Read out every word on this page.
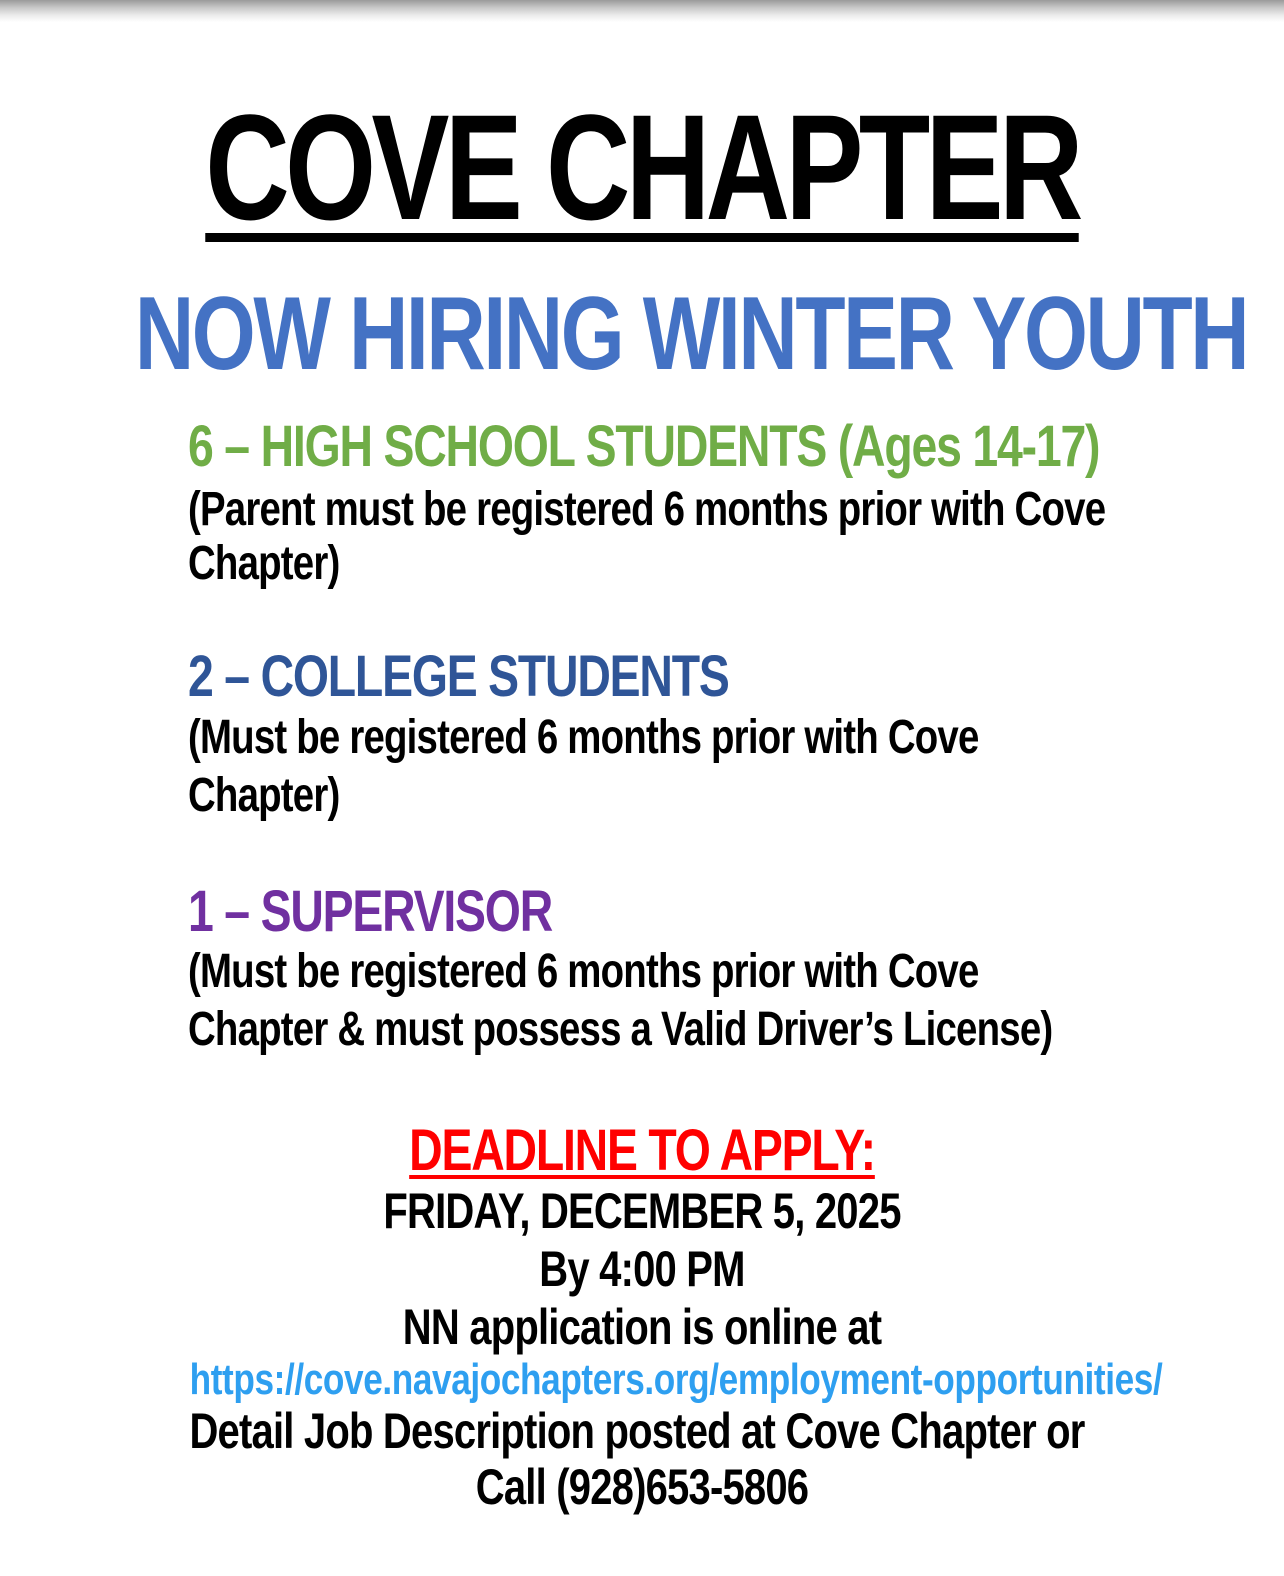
COVE CHAPTER
NOW HIRING WINTER YOUTH

6 – HIGH SCHOOL STUDENTS (Ages 14-17)

(Parent must be registered 6 months prior with Cove

Chapter)

2 – COLLEGE STUDENTS

(Must be registered 6 months prior with Cove

Chapter)

1 – SUPERVISOR

(Must be registered 6 months prior with Cove

Chapter & must possess a Valid Driver’s License)

DEADLINE TO APPLY:

FRIDAY, DECEMBER 5, 2025

By 4:00 PM

NN application is online at

https://cove.navajochapters.org/employment-opportunities/

Detail Job Description posted at Cove Chapter or

Call (928)653-5806
